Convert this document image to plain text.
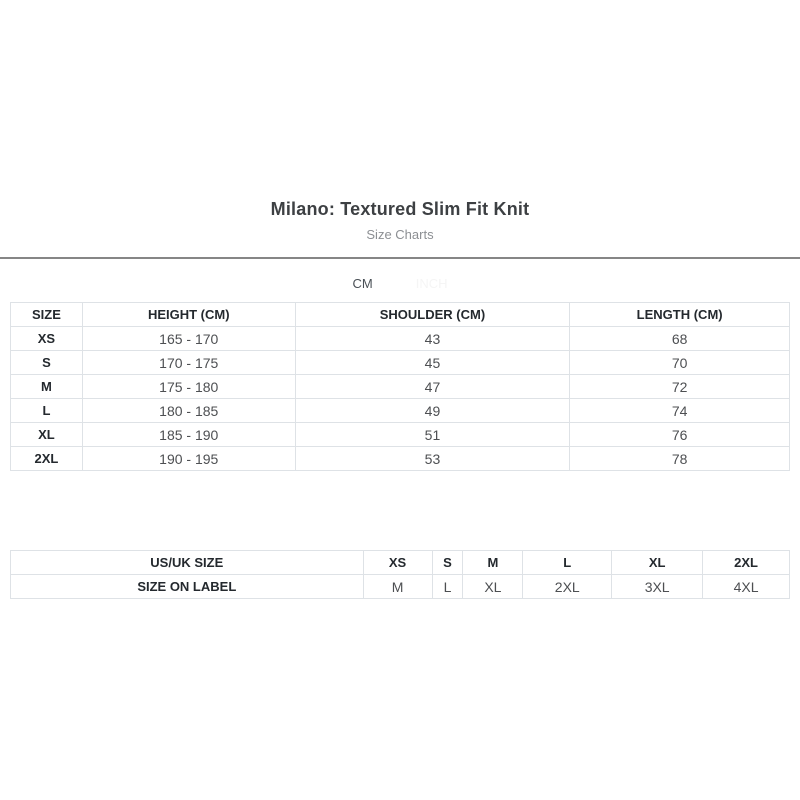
Milano: Textured Slim Fit Knit
Size Charts
CM	INCH
SIZE	HEIGHT (CM)	SHOULDER (CM)	LENGTH (CM)
XS	165 - 170	43	68
S	170 - 175	45	70
M	175 - 180	47	72
L	180 - 185	49	74
XL	185 - 190	51	76
2XL	190 - 195	53	78
US/UK SIZE	XS	S	M	L	XL	2XL
SIZE ON LABEL	M	L	XL	2XL	3XL	4XL
